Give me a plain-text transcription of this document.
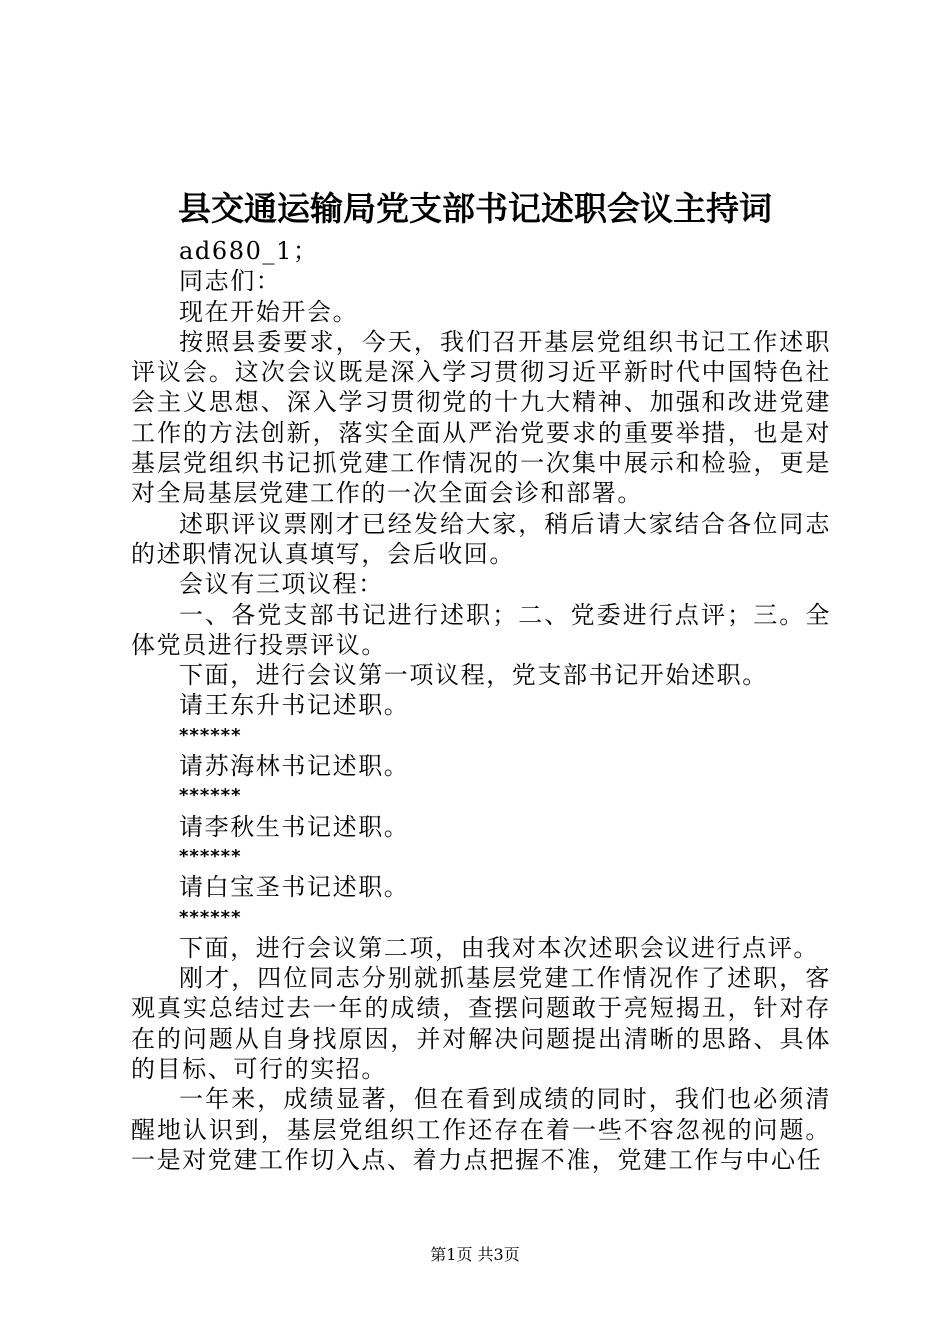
县交通运输局党支部书记述职会议主持词

ad680_1；

同志们：

现在开始开会。

按照县委要求，今天，我们召开基层党组织书记工作述职评议会。这次会议既是深入学习贯彻习近平新时代中国特色社会主义思想、深入学习贯彻党的十九大精神、加强和改进党建工作的方法创新，落实全面从严治党要求的重要举措，也是对基层党组织书记抓党建工作情况的一次集中展示和检验，更是对全局基层党建工作的一次全面会诊和部署。

述职评议票刚才已经发给大家，稍后请大家结合各位同志的述职情况认真填写，会后收回。

会议有三项议程：

一、各党支部书记进行述职；二、党委进行点评；三。全体党员进行投票评议。

下面，进行会议第一项议程，党支部书记开始述职。

请王东升书记述职。

******

请苏海林书记述职。

******

请李秋生书记述职。

******

请白宝圣书记述职。

******

下面，进行会议第二项，由我对本次述职会议进行点评。

刚才，四位同志分别就抓基层党建工作情况作了述职，客观真实总结过去一年的成绩，查摆问题敢于亮短揭丑，针对存在的问题从自身找原因，并对解决问题提出清晰的思路、具体的目标、可行的实招。

一年来，成绩显著，但在看到成绩的同时，我们也必须清醒地认识到，基层党组织工作还存在着一些不容忽视的问题。一是对党建工作切入点、着力点把握不准，党建工作与中心任

第1页 共3页
